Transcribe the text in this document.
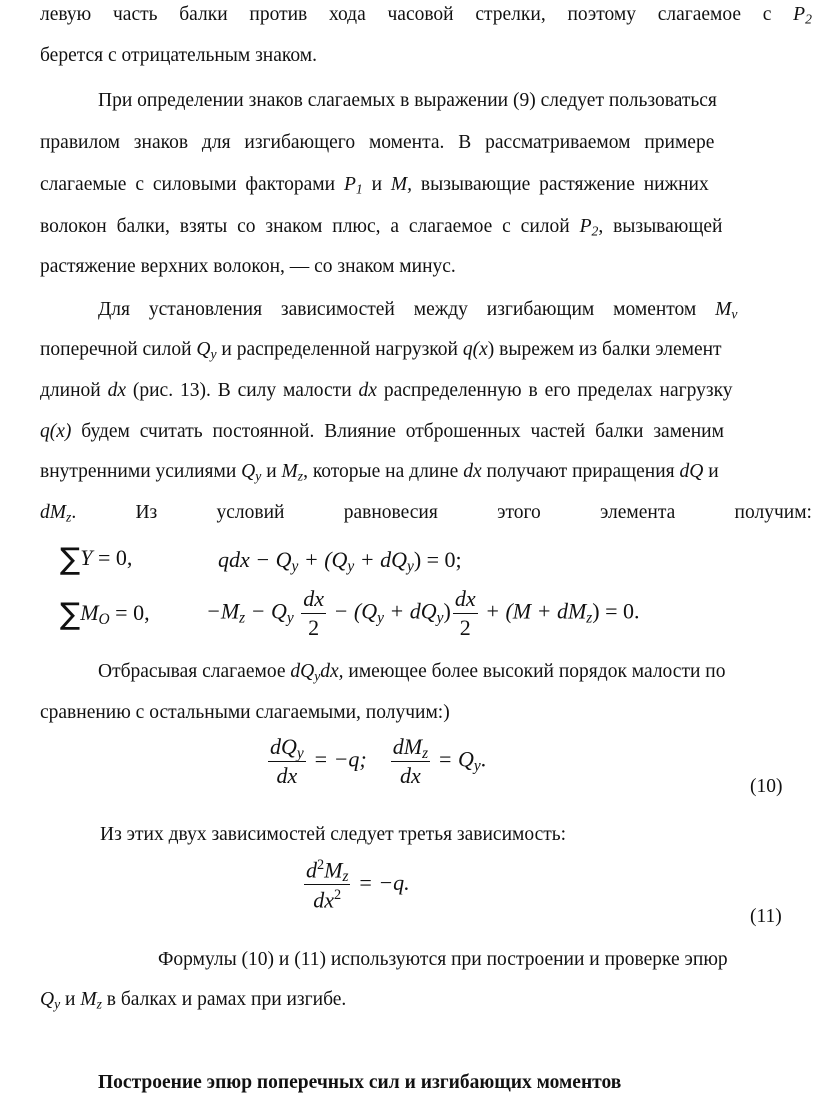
левую часть балки против хода часовой стрелки, поэтому слагаемое с $P_2$
берется с отрицательным знаком.
При определении знаков слагаемых в выражении (9) следует пользоваться
правилом знаков для изгибающего момента. В рассматриваемом примере
слагаемые с силовыми факторами $P_1$ и M, вызывающие растяжение нижних
волокон балки, взяты со знаком плюс, а слагаемое с силой $P_2$, вызывающей
растяжение верхних волокон, — со знаком минус.
Для установления зависимостей между изгибающим моментом $M_v$
поперечной силой $Q_y$ и распределенной нагрузкой q(x) вырежем из балки элемент
длиной dx (рис. 13). В силу малости dx распределенную в его пределах нагрузку
q(x) будем считать постоянной. Влияние отброшенных частей балки заменим
внутренними усилиями $Q_y$ и $M_z$, которые на длине dx получают приращения dQ и
$dM_z$.	Из	условий	равновесия	этого	элемента	получим:
∑Y = 0,	qdx − $Q_y + (Q_y + dQ_y) = 0$;
$\sum M_O = 0$,	$-M_z - Q_y \frac{dx}{2} - (Q_y + dQ_y) \frac{dx}{2} + (M + dM_z) = 0$.
Отбрасывая слагаемое $dQ_ydx$, имеющее более высокий порядок малости по
сравнению с остальными слагаемыми, получим:)
$\frac{dQ_y}{dx} = -q$; $\frac{dM_z}{dx} = Q_y$.
(10)
Из этих двух зависимостей следует третья зависимость:
$\frac{d^2M_z}{dx^2} = -q$.
(11)
Формулы (10) и (11) используются при построении и проверке эпюр
$Q_y$ и $M_z$ в балках и рамах при изгибе.
Построение эпюр поперечных сил и изгибающих моментов
